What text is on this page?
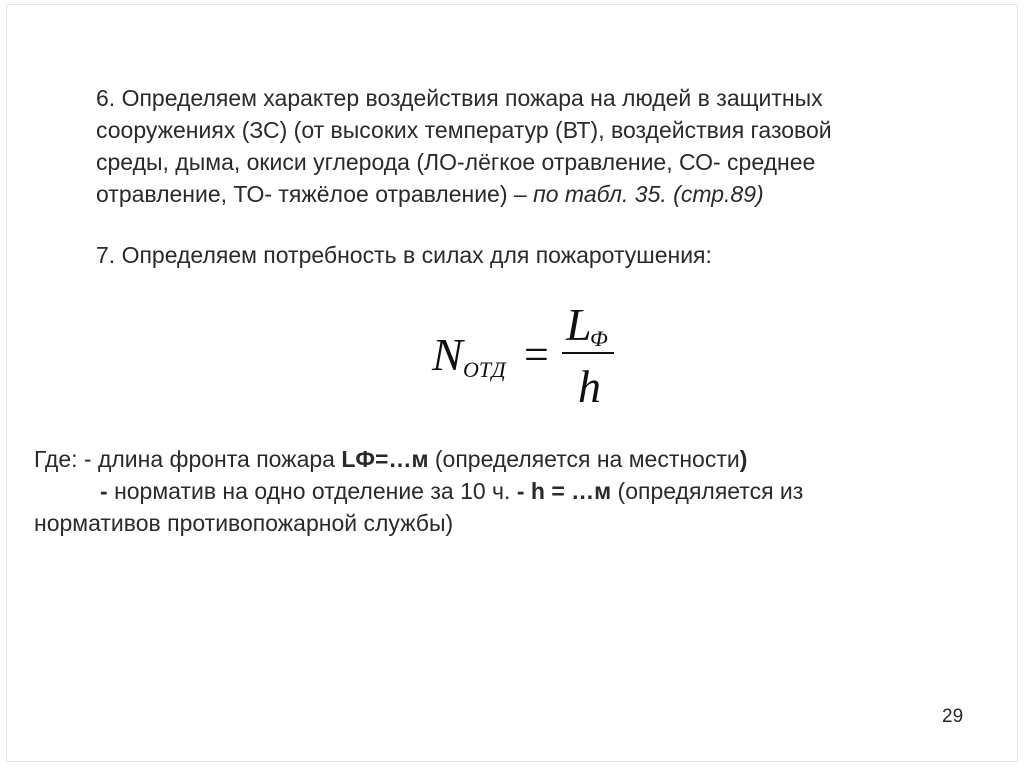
6. Определяем характер воздействия пожара на людей в защитных
сооружениях (ЗС) (от высоких температур (ВТ), воздействия газовой
среды, дыма, окиси углерода (ЛО-лёгкое отравление, СО- среднее
отравление, ТО- тяжёлое отравление) – по табл. 35. (стр.89)
7. Определяем потребность в силах для пожаротушения:
N ОТД =
L
Ф
h
Где: - длина фронта пожара LФ=…м (определяется на местности)
- норматив на одно отделение за 10 ч. - h = …м (опредяляется из
нормативов противопожарной службы)
29
